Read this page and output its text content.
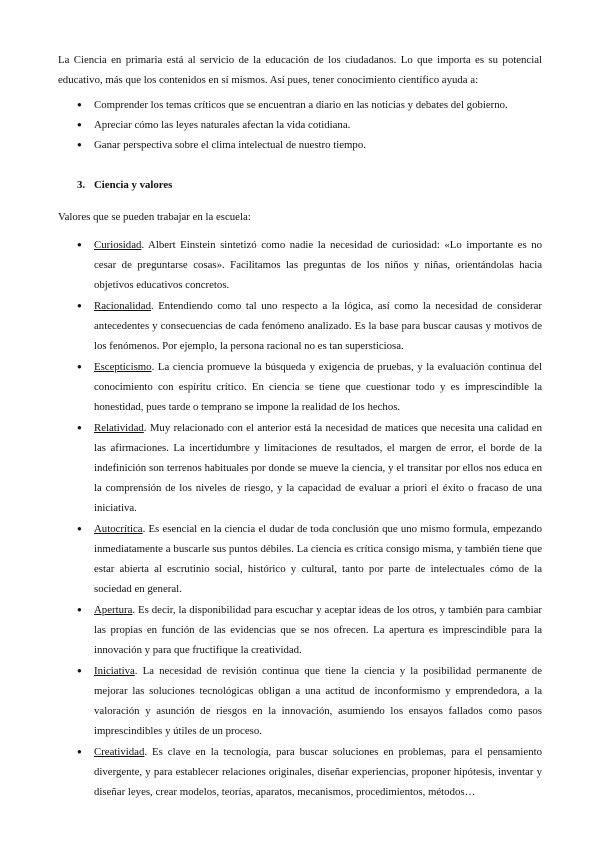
La Ciencia en primaria está al servicio de la educación de los ciudadanos. Lo que importa es su potencial educativo, más que los contenidos en sí mismos. Así pues, tener conocimiento científico ayuda a:

● Comprender los temas críticos que se encuentran a diario en las noticias y debates del gobierno.
● Apreciar cómo las leyes naturales afectan la vida cotidiana.
● Ganar perspectiva sobre el clima intelectual de nuestro tiempo.
3. Ciencia y valores

Valores que se pueden trabajar en la escuela:

● Curiosidad. Albert Einstein sintetizó como nadie la necesidad de curiosidad: «Lo importante es no cesar de preguntarse cosas». Facilitamos las preguntas de los niños y niñas, orientándolas hacia objetivos educativos concretos.
● Racionalidad. Entendiendo como tal uno respecto a la lógica, así como la necesidad de considerar antecedentes y consecuencias de cada fenómeno analizado. Es la base para buscar causas y motivos de los fenómenos. Por ejemplo, la persona racional no es tan supersticiosa.
● Escepticismo. La ciencia promueve la búsqueda y exigencia de pruebas, y la evaluación continua del conocimiento con espíritu crítico. En ciencia se tiene que cuestionar todo y es imprescindible la honestidad, pues tarde o temprano se impone la realidad de los hechos.
● Relatividad. Muy relacionado con el anterior está la necesidad de matices que necesita una calidad en las afirmaciones. La incertidumbre y limitaciones de resultados, el margen de error, el borde de la indefinición son terrenos habituales por donde se mueve la ciencia, y el transitar por ellos nos educa en la comprensión de los niveles de riesgo, y la capacidad de evaluar a priori el éxito o fracaso de una iniciativa.
● Autocrítica. Es esencial en la ciencia el dudar de toda conclusión que uno mismo formula, empezando inmediatamente a buscarle sus puntos débiles. La ciencia es crítica consigo misma, y también tiene que estar abierta al escrutinio social, histórico y cultural, tanto por parte de intelectuales cómo de la sociedad en general.
● Apertura. Es decir, la disponibilidad para escuchar y aceptar ideas de los otros, y también para cambiar las propias en función de las evidencias que se nos ofrecen. La apertura es imprescindible para la innovación y para que fructifique la creatividad.
● Iniciativa. La necesidad de revisión continua que tiene la ciencia y la posibilidad permanente de mejorar las soluciones tecnológicas obligan a una actitud de inconformismo y emprendedora, a la valoración y asunción de riesgos en la innovación, asumiendo los ensayos fallados como pasos imprescindibles y útiles de un proceso.
● Creatividad. Es clave en la tecnología, para buscar soluciones en problemas, para el pensamiento divergente, y para establecer relaciones originales, diseñar experiencias, proponer hipótesis, inventar y diseñar leyes, crear modelos, teorías, aparatos, mecanismos, procedimientos, métodos…
